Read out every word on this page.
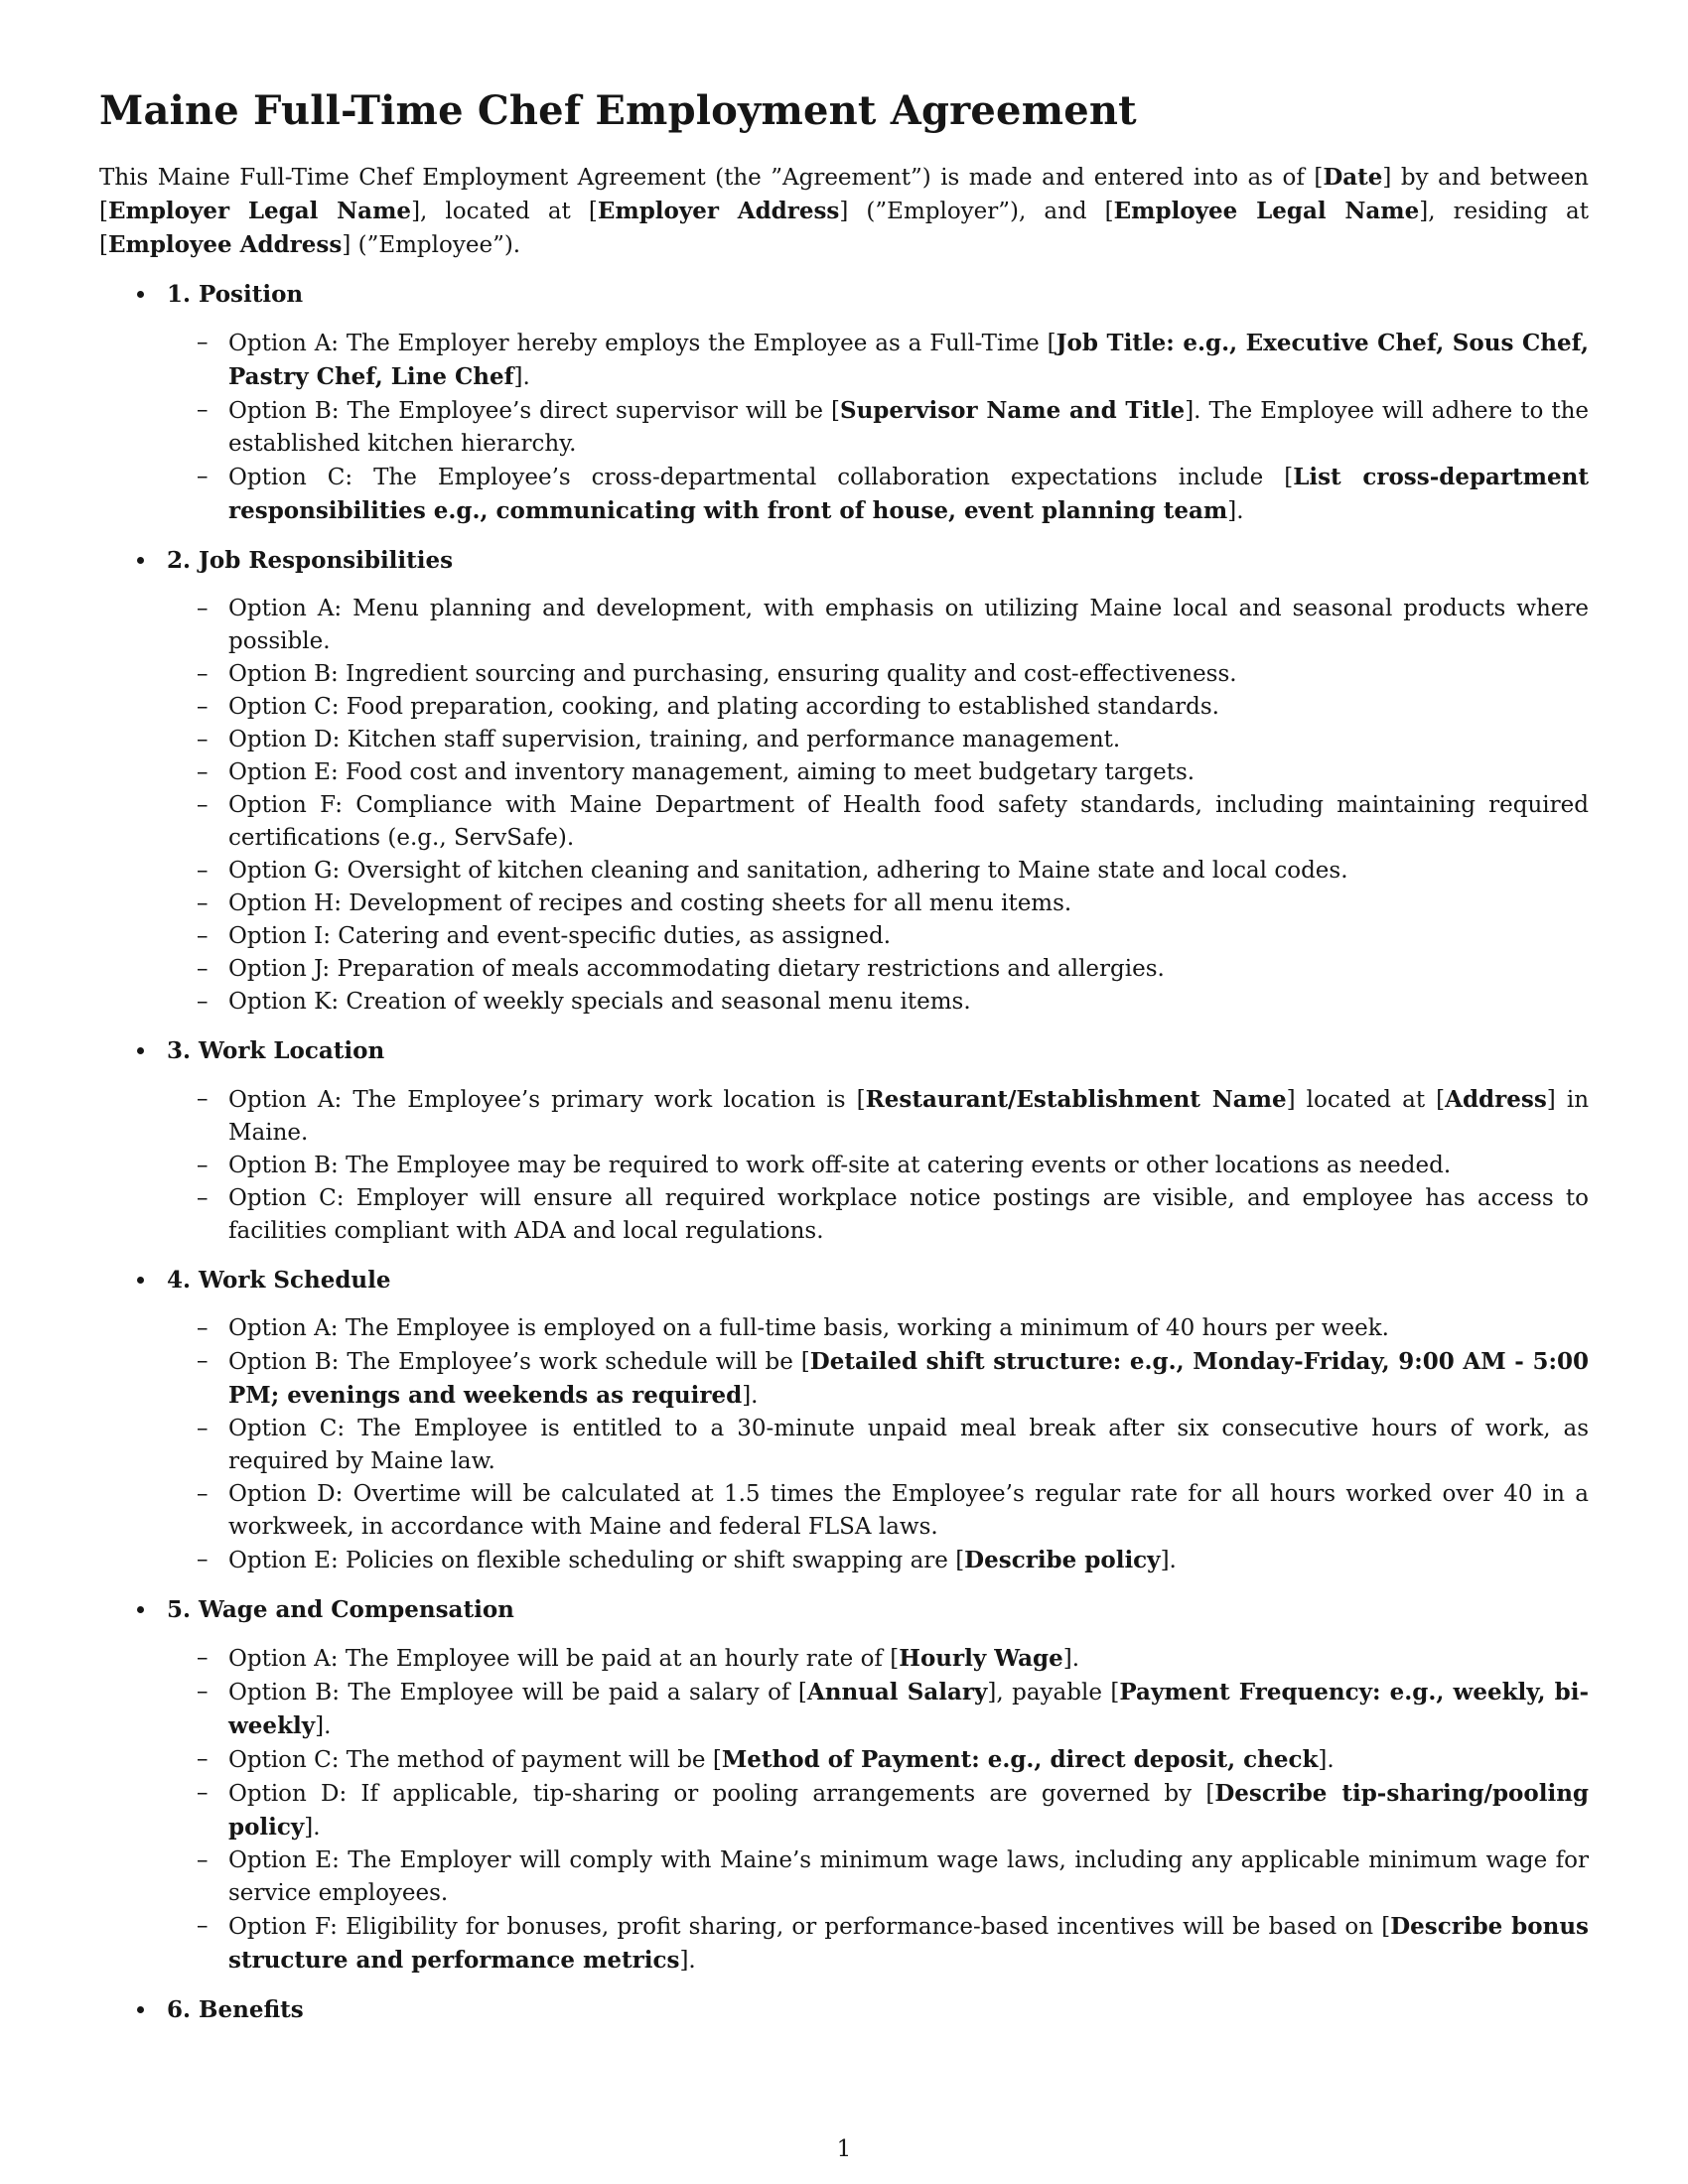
Maine Full-Time Chef Employment Agreement

This Maine Full-Time Chef Employment Agreement (the ”Agreement”) is made and entered into as of [Date] by and between [Employer Legal Name], located at [Employer Address] (”Employer”), and [Employee Legal Name], residing at [Employee Address] (”Employee”).

1. Position
– Option A: The Employer hereby employs the Employee as a Full-Time [Job Title: e.g., Executive Chef, Sous Chef, Pastry Chef, Line Chef].
– Option B: The Employee’s direct supervisor will be [Supervisor Name and Title]. The Employee will adhere to the established kitchen hierarchy.
– Option C: The Employee’s cross-departmental collaboration expectations include [List cross-department responsibilities e.g., communicating with front of house, event planning team].
2. Job Responsibilities
– Option A: Menu planning and development, with emphasis on utilizing Maine local and seasonal products where possible.
– Option B: Ingredient sourcing and purchasing, ensuring quality and cost-effectiveness.
– Option C: Food preparation, cooking, and plating according to established standards.
– Option D: Kitchen staff supervision, training, and performance management.
– Option E: Food cost and inventory management, aiming to meet budgetary targets.
– Option F: Compliance with Maine Department of Health food safety standards, including maintaining required certifications (e.g., ServSafe).
– Option G: Oversight of kitchen cleaning and sanitation, adhering to Maine state and local codes.
– Option H: Development of recipes and costing sheets for all menu items.
– Option I: Catering and event-specific duties, as assigned.
– Option J: Preparation of meals accommodating dietary restrictions and allergies.
– Option K: Creation of weekly specials and seasonal menu items.
3. Work Location
– Option A: The Employee’s primary work location is [Restaurant/Establishment Name] located at [Address] in Maine.
– Option B: The Employee may be required to work off-site at catering events or other locations as needed.
– Option C: Employer will ensure all required workplace notice postings are visible, and employee has access to facilities compliant with ADA and local regulations.
4. Work Schedule
– Option A: The Employee is employed on a full-time basis, working a minimum of 40 hours per week.
– Option B: The Employee’s work schedule will be [Detailed shift structure: e.g., Monday-Friday, 9:00 AM - 5:00 PM; evenings and weekends as required].
– Option C: The Employee is entitled to a 30-minute unpaid meal break after six consecutive hours of work, as required by Maine law.
– Option D: Overtime will be calculated at 1.5 times the Employee’s regular rate for all hours worked over 40 in a workweek, in accordance with Maine and federal FLSA laws.
– Option E: Policies on flexible scheduling or shift swapping are [Describe policy].
5. Wage and Compensation
– Option A: The Employee will be paid at an hourly rate of [Hourly Wage].
– Option B: The Employee will be paid a salary of [Annual Salary], payable [Payment Frequency: e.g., weekly, bi-weekly].
– Option C: The method of payment will be [Method of Payment: e.g., direct deposit, check].
– Option D: If applicable, tip-sharing or pooling arrangements are governed by [Describe tip-sharing/pooling policy].
– Option E: The Employer will comply with Maine’s minimum wage laws, including any applicable minimum wage for service employees.
– Option F: Eligibility for bonuses, profit sharing, or performance-based incentives will be based on [Describe bonus structure and performance metrics].
6. Benefits
1
